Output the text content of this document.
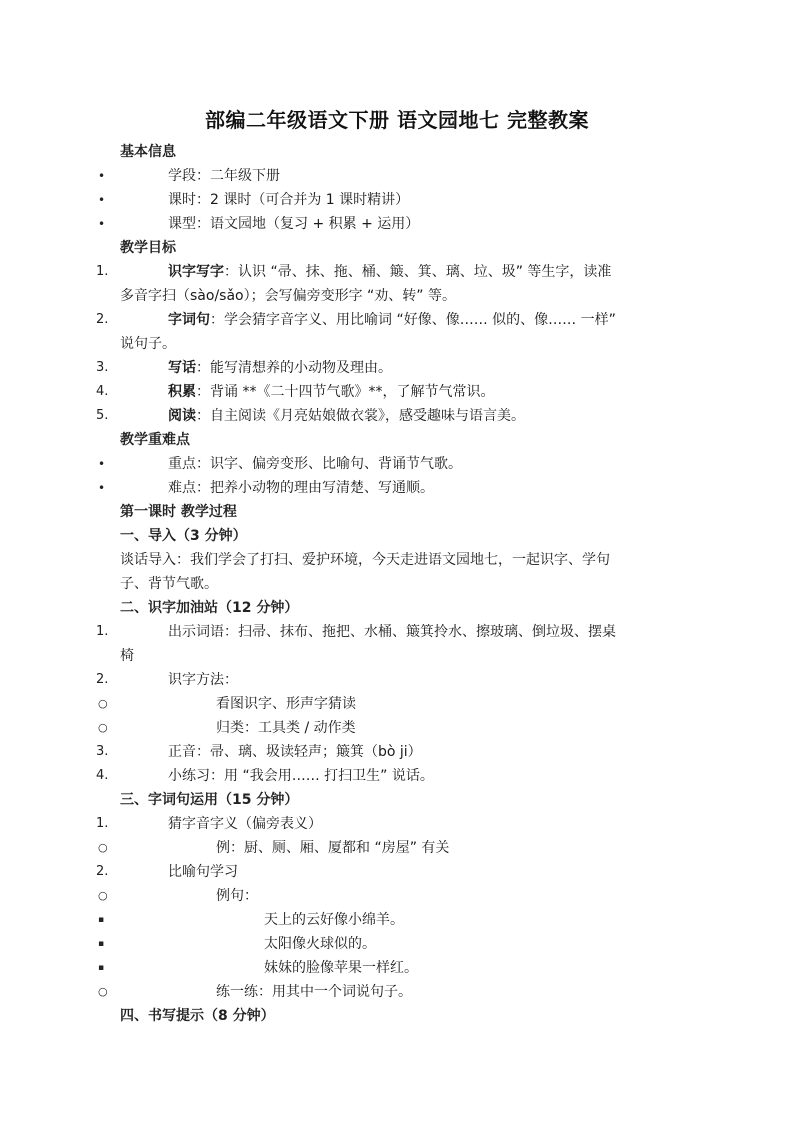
部编二年级语文下册 语文园地七 完整教案
基本信息
•	学段：二年级下册
•	课时：2 课时（可合并为 1 课时精讲）
•	课型：语文园地（复习 + 积累 + 运用）
教学目标
1.	识字写字：认识 “帚、抹、拖、桶、簸、箕、璃、垃、圾” 等生字，读准
多音字扫（sào/sǎo）；会写偏旁变形字 “劝、转” 等。
2.	字词句：学会猜字音字义、用比喻词 “好像、像…… 似的、像…… 一样”
说句子。
3.	写话：能写清想养的小动物及理由。
4.	积累：背诵 **《二十四节气歌》**，了解节气常识。
5.	阅读：自主阅读《月亮姑娘做衣裳》，感受趣味与语言美。
教学重难点
•	重点：识字、偏旁变形、比喻句、背诵节气歌。
•	难点：把养小动物的理由写清楚、写通顺。
第一课时 教学过程
一、导入（3 分钟）
谈话导入：我们学会了打扫、爱护环境，今天走进语文园地七，一起识字、学句
子、背节气歌。
二、识字加油站（12 分钟）
1.	出示词语：扫帚、抹布、拖把、水桶、簸箕拎水、擦玻璃、倒垃圾、摆桌
椅
2.	识字方法：
○	看图识字、形声字猜读
○	归类：工具类 / 动作类
3.	正音：帚、璃、圾读轻声；簸箕（bò ji）
4.	小练习：用 “我会用…… 打扫卫生” 说话。
三、字词句运用（15 分钟）
1.	猜字音字义（偏旁表义）
○	例：厨、厕、厢、厦都和 “房屋” 有关
2.	比喻句学习
○	例句：
▪	天上的云好像小绵羊。
▪	太阳像火球似的。
▪	妹妹的脸像苹果一样红。
○	练一练：用其中一个词说句子。
四、书写提示（8 分钟）
